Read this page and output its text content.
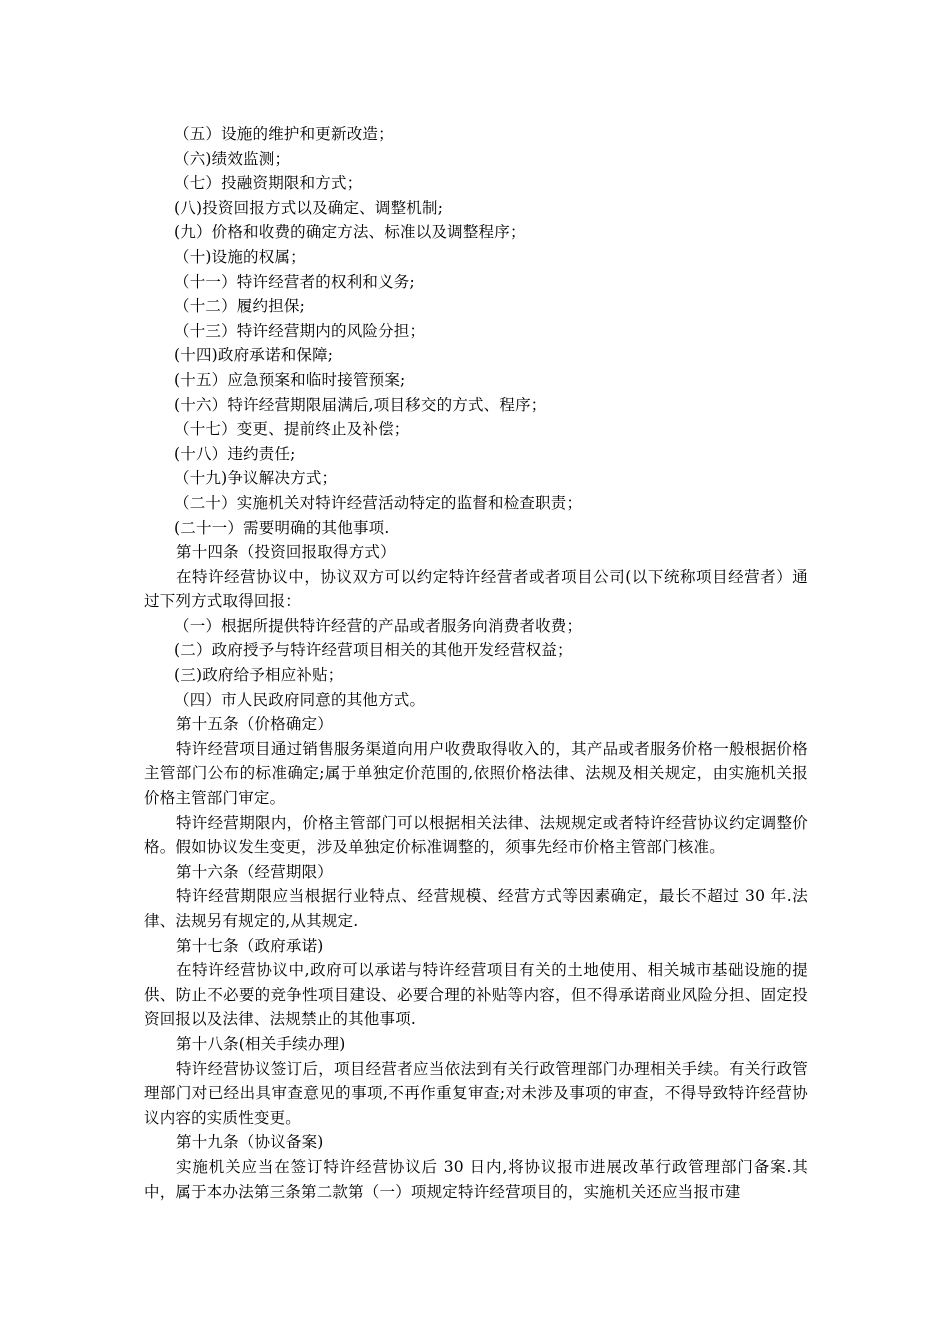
（五）设施的维护和更新改造；

（六)绩效监测；

（七）投融资期限和方式；

(八)投资回报方式以及确定、调整机制;

(九）价格和收费的确定方法、标准以及调整程序；

（十)设施的权属；

（十一）特许经营者的权利和义务;

（十二）履约担保;

（十三）特许经营期内的风险分担；

(十四)政府承诺和保障;

(十五）应急预案和临时接管预案;

(十六）特许经营期限届满后,项目移交的方式、程序；

（十七）变更、提前终止及补偿；

(十八）违约责任;

（十九)争议解决方式；

（二十）实施机关对特许经营活动特定的监督和检查职责；

(二十一）需要明确的其他事项.

第十四条（投资回报取得方式）

在特许经营协议中，协议双方可以约定特许经营者或者项目公司(以下统称项目经营者）通过下列方式取得回报：

（一）根据所提供特许经营的产品或者服务向消费者收费；

(二）政府授予与特许经营项目相关的其他开发经营权益；

(三)政府给予相应补贴；

（四）市人民政府同意的其他方式。

第十五条（价格确定）

特许经营项目通过销售服务渠道向用户收费取得收入的，其产品或者服务价格一般根据价格主管部门公布的标准确定;属于单独定价范围的,依照价格法律、法规及相关规定，由实施机关报价格主管部门审定。

特许经营期限内，价格主管部门可以根据相关法律、法规规定或者特许经营协议约定调整价格。假如协议发生变更，涉及单独定价标准调整的，须事先经市价格主管部门核准。

第十六条（经营期限）

特许经营期限应当根据行业特点、经营规模、经营方式等因素确定，最长不超过 30 年.法律、法规另有规定的,从其规定.

第十七条（政府承诺)

在特许经营协议中,政府可以承诺与特许经营项目有关的土地使用、相关城市基础设施的提供、防止不必要的竞争性项目建设、必要合理的补贴等内容，但不得承诺商业风险分担、固定投资回报以及法律、法规禁止的其他事项.

第十八条(相关手续办理)

特许经营协议签订后，项目经营者应当依法到有关行政管理部门办理相关手续。有关行政管理部门对已经出具审查意见的事项,不再作重复审查;对未涉及事项的审查，不得导致特许经营协议内容的实质性变更。

第十九条（协议备案)

实施机关应当在签订特许经营协议后 30 日内,将协议报市进展改革行政管理部门备案.其中，属于本办法第三条第二款第（一）项规定特许经营项目的，实施机关还应当报市建
